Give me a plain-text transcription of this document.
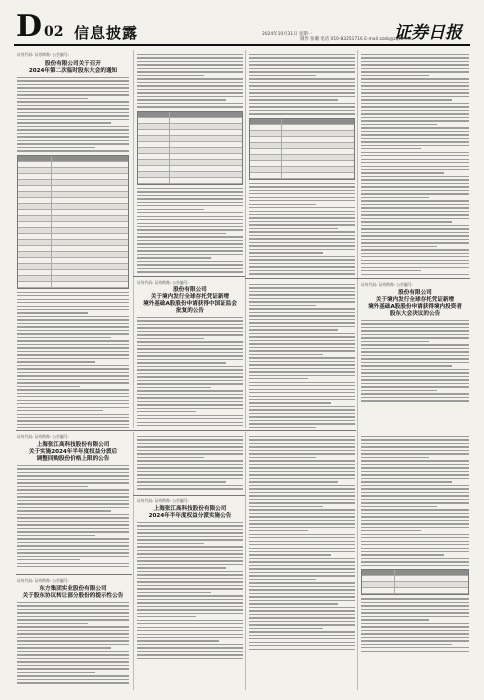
D 02 信息披露	2024年10月31日 星期一
制作 张璐 电话 010-83251716 E-mail zzsb@zqrb.net
证券日报
证券代码: 证券简称: 公告编号:
股份有限公司关于召开
2024年第二次临时股东大会的通知
证券代码: 证券简称: 公告编号:
股份有限公司
关于境内发行全球存托凭证新增
境外基础A股股份申请获得中国证监会
批复的公告
证券代码: 证券简称: 公告编号:
股份有限公司
关于境内发行全球存托凭证新增
境外基础A股股份申请获得境内投资者
股东大会决议的公告
证券代码: 证券简称: 公告编号:
上海张江高科技股份有限公司
关于实施2024年半年度权益分派后
调整回购股份价格上限的公告
证券代码: 证券简称: 公告编号:
上海张江高科技股份有限公司
2024年半年度权益分派实施公告
证券代码: 证券简称: 公告编号:
东方集团实业股份有限公司
关于股东协议转让部分股份的提示性公告
